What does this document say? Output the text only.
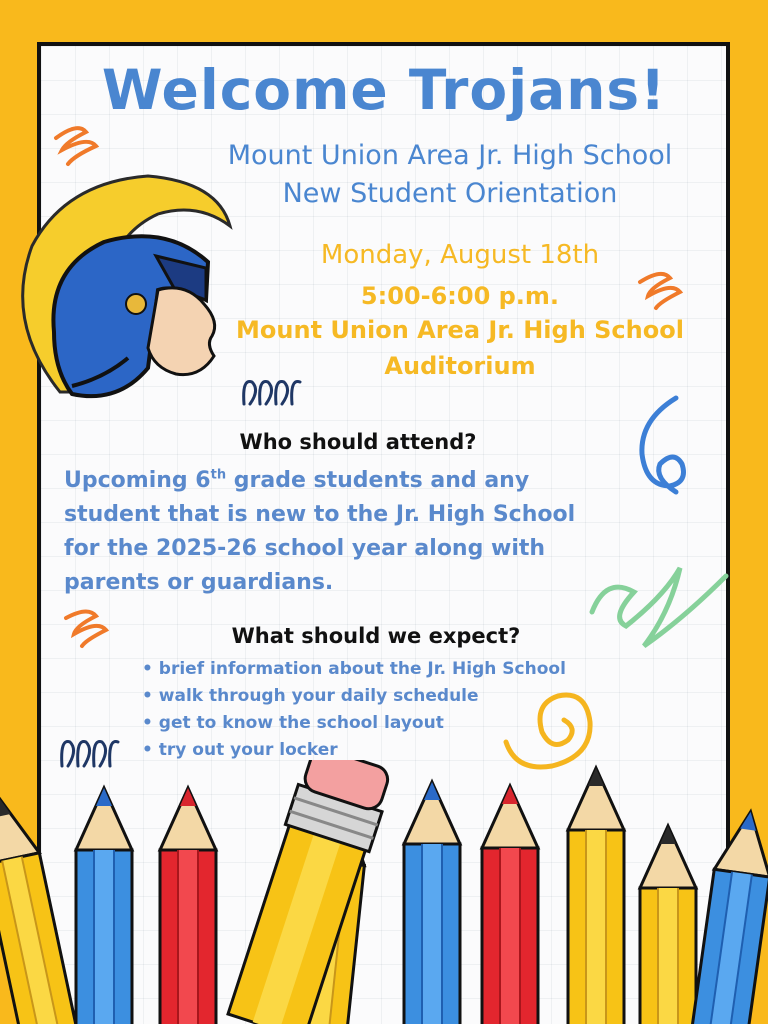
Welcome Trojans!
Mount Union Area Jr. High School
New Student Orientation
Monday, August 18th
5:00-6:00 p.m.
Mount Union Area Jr. High School
Auditorium
Who should attend?
Upcoming 6th grade students and any
student that is new to the Jr. High School
for the 2025-26 school year along with
parents or guardians.
What should we expect?
• brief information about the Jr. High School
• walk through your daily schedule
• get to know the school layout
• try out your locker
